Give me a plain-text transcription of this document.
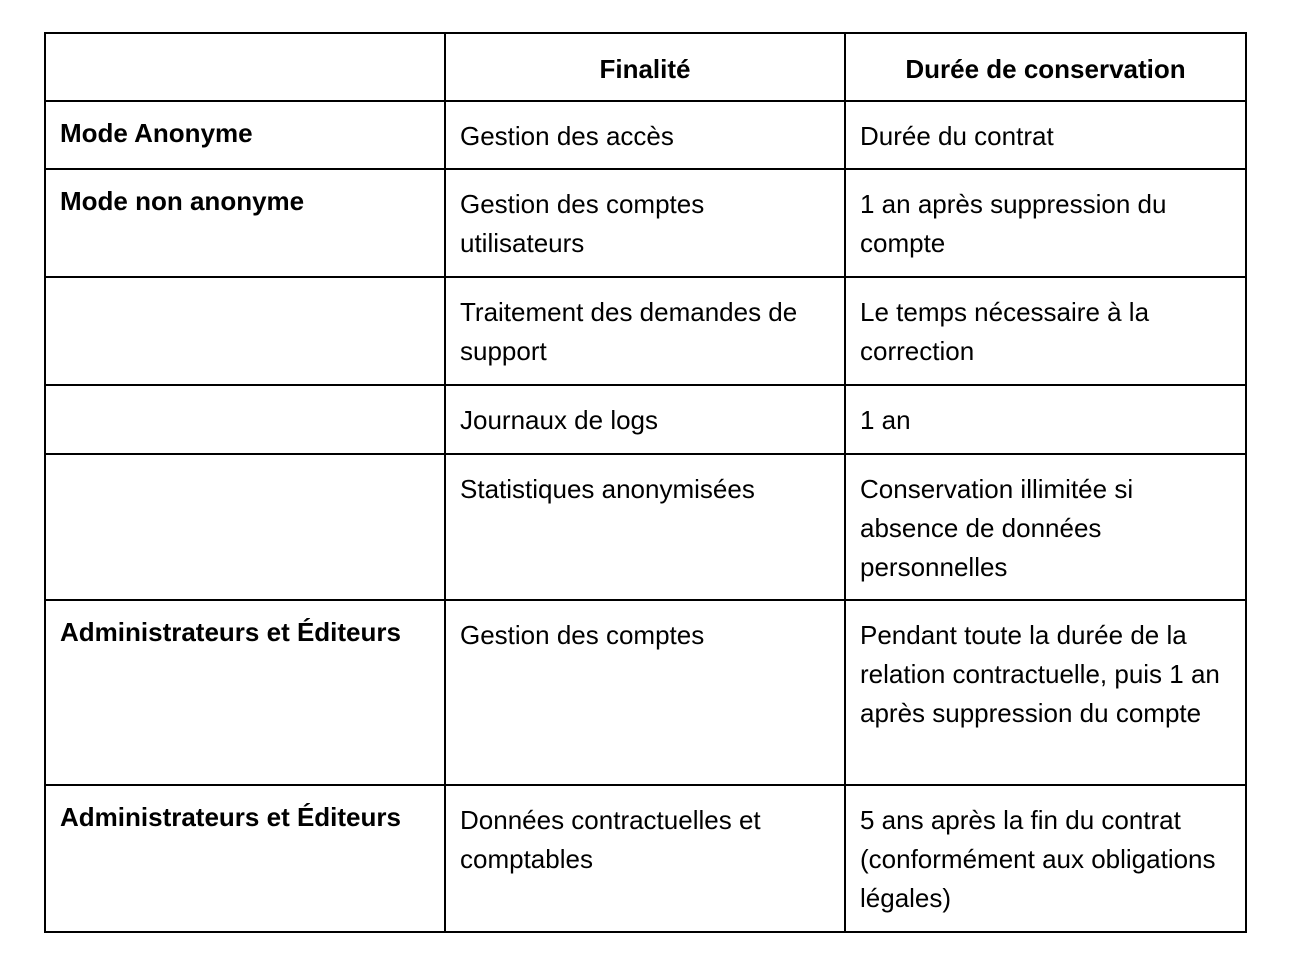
	Finalité	Durée de conservation
Mode Anonyme	Gestion des accès	Durée du contrat
Mode non anonyme	Gestion des comptes utilisateurs	1 an après suppression du compte
	Traitement des demandes de support	Le temps nécessaire à la correction
	Journaux de logs	1 an
	Statistiques anonymisées	Conservation illimitée si absence de données personnelles
Administrateurs et Éditeurs	Gestion des comptes	Pendant toute la durée de la relation contractuelle, puis 1 an après suppression du compte
Administrateurs et Éditeurs	Données contractuelles et comptables	5 ans après la fin du contrat (conformément aux obligations légales)
